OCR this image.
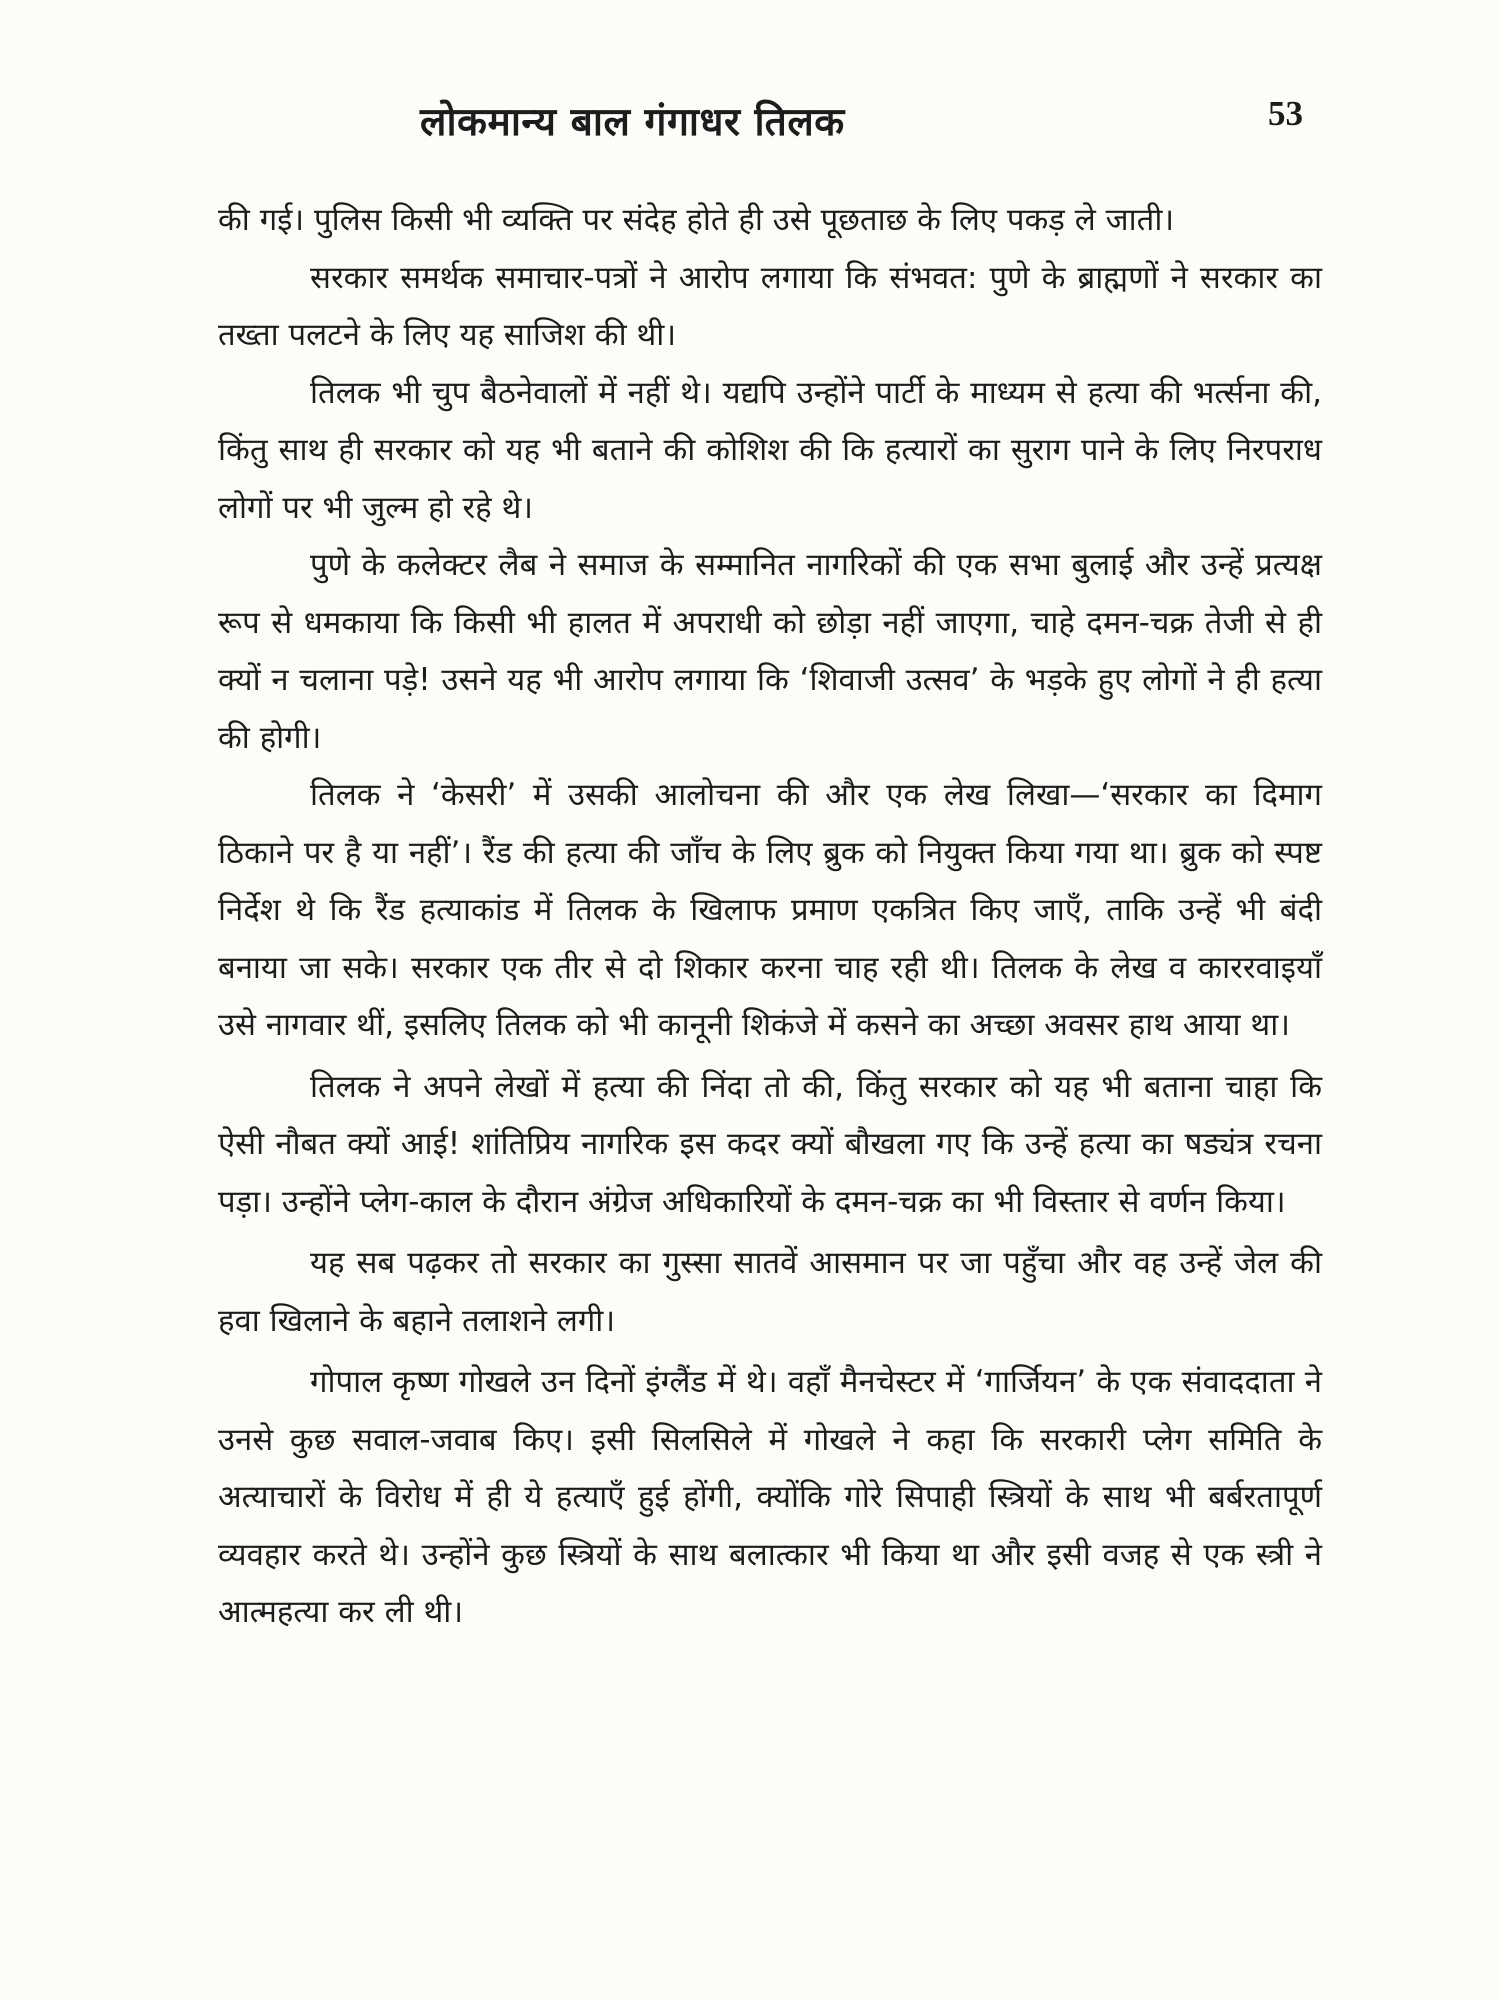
लोकमान्य बाल गंगाधर तिलक	53

की गई। पुलिस किसी भी व्यक्ति पर संदेह होते ही उसे पूछताछ के लिए पकड़ ले जाती।

सरकार समर्थक समाचार-पत्रों ने आरोप लगाया कि संभवत: पुणे के ब्राह्मणों ने सरकार का तख्ता पलटने के लिए यह साजिश की थी।

तिलक भी चुप बैठनेवालों में नहीं थे। यद्यपि उन्होंने पार्टी के माध्यम से हत्या की भर्त्सना की, किंतु साथ ही सरकार को यह भी बताने की कोशिश की कि हत्यारों का सुराग पाने के लिए निरपराध लोगों पर भी जुल्म हो रहे थे।

पुणे के कलेक्टर लैब ने समाज के सम्मानित नागरिकों की एक सभा बुलाई और उन्हें प्रत्यक्ष रूप से धमकाया कि किसी भी हालत में अपराधी को छोड़ा नहीं जाएगा, चाहे दमन-चक्र तेजी से ही क्यों न चलाना पड़े! उसने यह भी आरोप लगाया कि ‘शिवाजी उत्सव’ के भड़के हुए लोगों ने ही हत्या की होगी।

तिलक ने ‘केसरी’ में उसकी आलोचना की और एक लेख लिखा—‘सरकार का दिमाग ठिकाने पर है या नहीं’। रैंड की हत्या की जाँच के लिए ब्रुक को नियुक्त किया गया था। ब्रुक को स्पष्ट निर्देश थे कि रैंड हत्याकांड में तिलक के खिलाफ प्रमाण एकत्रित किए जाएँ, ताकि उन्हें भी बंदी बनाया जा सके। सरकार एक तीर से दो शिकार करना चाह रही थी। तिलक के लेख व काररवाइयाँ उसे नागवार थीं, इसलिए तिलक को भी कानूनी शिकंजे में कसने का अच्छा अवसर हाथ आया था।

तिलक ने अपने लेखों में हत्या की निंदा तो की, किंतु सरकार को यह भी बताना चाहा कि ऐसी नौबत क्यों आई! शांतिप्रिय नागरिक इस कदर क्यों बौखला गए कि उन्हें हत्या का षड्यंत्र रचना पड़ा। उन्होंने प्लेग-काल के दौरान अंग्रेज अधिकारियों के दमन-चक्र का भी विस्तार से वर्णन किया।

यह सब पढ़कर तो सरकार का गुस्सा सातवें आसमान पर जा पहुँचा और वह उन्हें जेल की हवा खिलाने के बहाने तलाशने लगी।

गोपाल कृष्ण गोखले उन दिनों इंग्लैंड में थे। वहाँ मैनचेस्टर में ‘गार्जियन’ के एक संवाददाता ने उनसे कुछ सवाल-जवाब किए। इसी सिलसिले में गोखले ने कहा कि सरकारी प्लेग समिति के अत्याचारों के विरोध में ही ये हत्याएँ हुई होंगी, क्योंकि गोरे सिपाही स्त्रियों के साथ भी बर्बरतापूर्ण व्यवहार करते थे। उन्होंने कुछ स्त्रियों के साथ बलात्कार भी किया था और इसी वजह से एक स्त्री ने आत्महत्या कर ली थी।
